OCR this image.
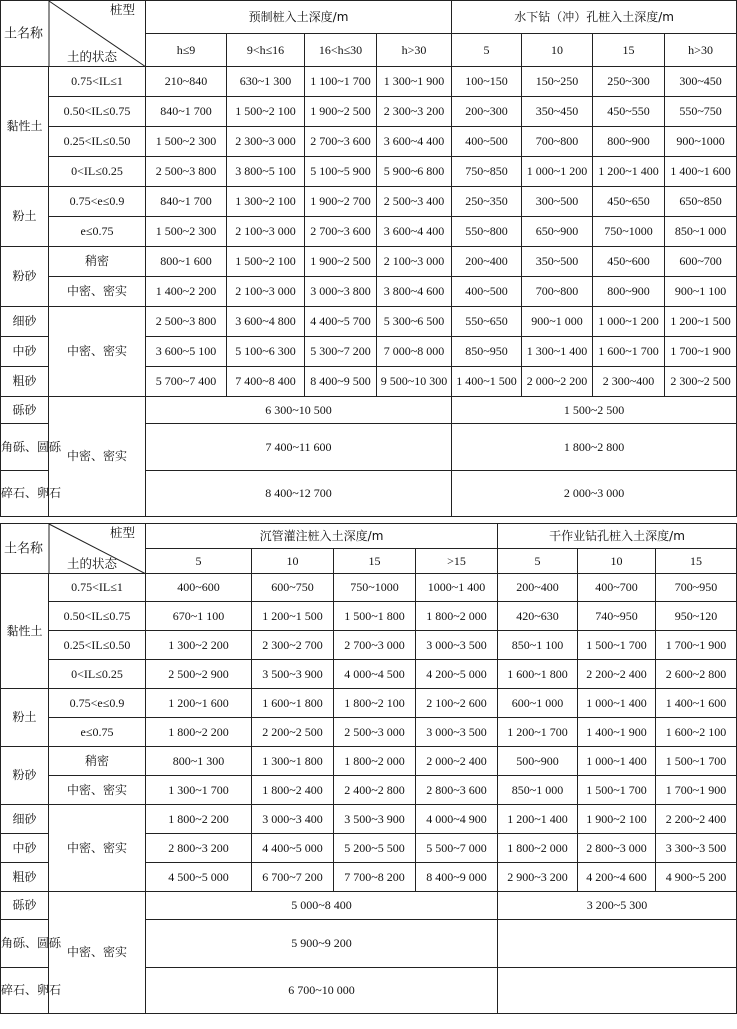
土名称
桩型
土的状态		预制桩入土深度/m				水下钻（冲）孔桩入土深度/m			
		h≤9	9<h≤16	16<h≤30	h>30	5	10	15	h>30
黏性土	0.75<IL≤1	210~840	630~1 300	1 100~1 700	1 300~1 900	100~150	150~250	250~300	300~450
	0.50<IL≤0.75	840~1 700	1 500~2 100	1 900~2 500	2 300~3 200	200~300	350~450	450~550	550~750
	0.25<IL≤0.50	1 500~2 300	2 300~3 000	2 700~3 600	3 600~4 400	400~500	700~800	800~900	900~1000
	0<IL≤0.25	2 500~3 800	3 800~5 100	5 100~5 900	5 900~6 800	750~850	1 000~1 200	1 200~1 400	1 400~1 600
粉土	0.75<e≤0.9	840~1 700	1 300~2 100	1 900~2 700	2 500~3 400	250~350	300~500	450~650	650~850
	e≤0.75	1 500~2 300	2 100~3 000	2 700~3 600	3 600~4 400	550~800	650~900	750~1000	850~1 000
粉砂	稍密	800~1 600	1 500~2 100	1 900~2 500	2 100~3 000	200~400	350~500	450~600	600~700
	中密、密实	1 400~2 200	2 100~3 000	3 000~3 800	3 800~4 600	400~500	700~800	800~900	900~1 100
细砂	中密、密实	2 500~3 800	3 600~4 800	4 400~5 700	5 300~6 500	550~650	900~1 000	1 000~1 200	1 200~1 500
中砂		3 600~5 100	5 100~6 300	5 300~7 200	7 000~8 000	850~950	1 300~1 400	1 600~1 700	1 700~1 900
粗砂		5 700~7 400	7 400~8 400	8 400~9 500	9 500~10 300	1 400~1 500	2 000~2 200	2 300~400	2 300~2 500
砾砂	中密、密实	6 300~10 500				1 500~2 500			
角砾、圆砾		7 400~11 600				1 800~2 800			
碎石、卵石		8 400~12 700				2 000~3 000			
土名称
桩型
土的状态		沉管灌注桩入土深度/m				干作业钻孔桩入土深度/m		
		5	10	15	>15	5	10	15
黏性土	0.75<IL≤1	400~600	600~750	750~1000	1000~1 400	200~400	400~700	700~950
	0.50<IL≤0.75	670~1 100	1 200~1 500	1 500~1 800	1 800~2 000	420~630	740~950	950~120
	0.25<IL≤0.50	1 300~2 200	2 300~2 700	2 700~3 000	3 000~3 500	850~1 100	1 500~1 700	1 700~1 900
	0<IL≤0.25	2 500~2 900	3 500~3 900	4 000~4 500	4 200~5 000	1 600~1 800	2 200~2 400	2 600~2 800
粉土	0.75<e≤0.9	1 200~1 600	1 600~1 800	1 800~2 100	2 100~2 600	600~1 000	1 000~1 400	1 400~1 600
	e≤0.75	1 800~2 200	2 200~2 500	2 500~3 000	3 000~3 500	1 200~1 700	1 400~1 900	1 600~2 100
粉砂	稍密	800~1 300	1 300~1 800	1 800~2 000	2 000~2 400	500~900	1 000~1 400	1 500~1 700
	中密、密实	1 300~1 700	1 800~2 400	2 400~2 800	2 800~3 600	850~1 000	1 500~1 700	1 700~1 900
细砂	中密、密实	1 800~2 200	3 000~3 400	3 500~3 900	4 000~4 900	1 200~1 400	1 900~2 100	2 200~2 400
中砂		2 800~3 200	4 400~5 000	5 200~5 500	5 500~7 000	1 800~2 000	2 800~3 000	3 300~3 500
粗砂		4 500~5 000	6 700~7 200	7 700~8 200	8 400~9 000	2 900~3 200	4 200~4 600	4 900~5 200
砾砂	中密、密实	5 000~8 400				3 200~5 300		
角砾、圆砾		5 900~9 200						
碎石、卵石		6 700~10 000						
